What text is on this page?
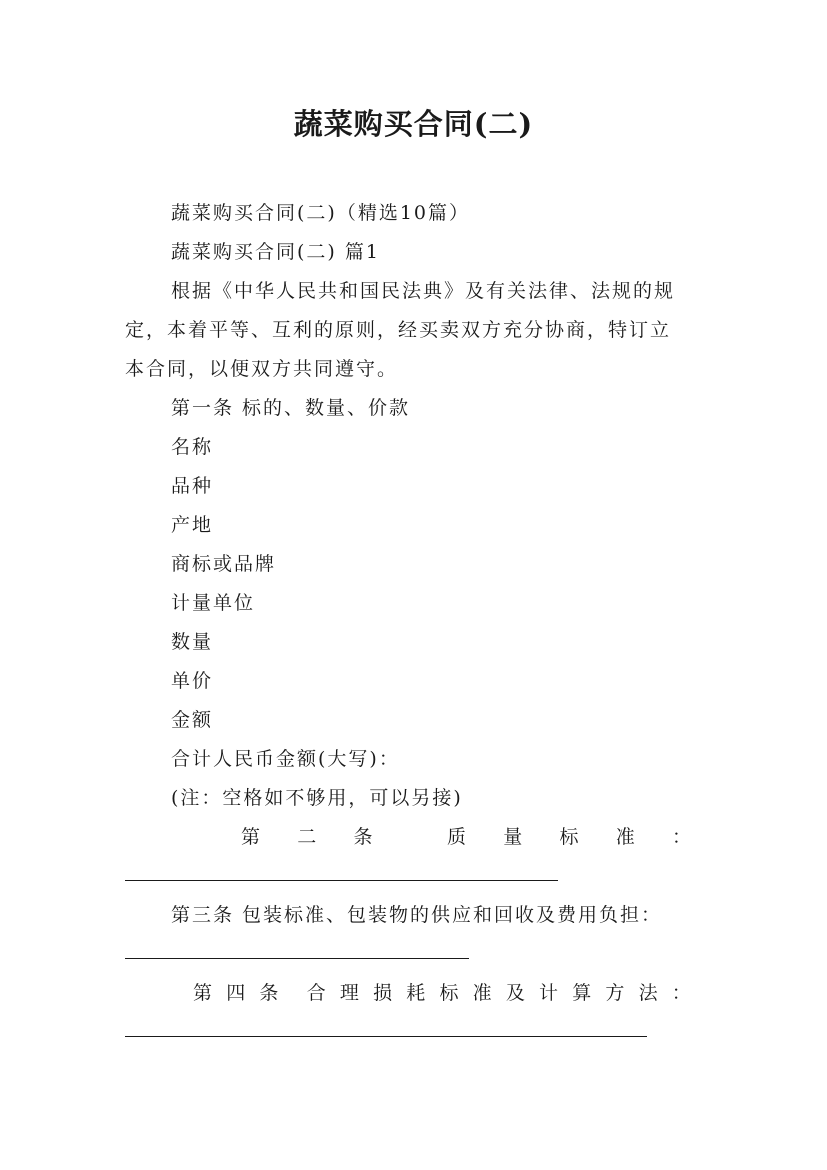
蔬菜购买合同(二)
蔬菜购买合同(二)（精选10篇）
蔬菜购买合同(二) 篇1
根据《中华人民共和国民法典》及有关法律、法规的规
定，本着平等、互利的原则，经买卖双方充分协商，特订立
本合同，以便双方共同遵守。
第一条 标的、数量、价款
名称
品种
产地
商标或品牌
计量单位
数量
单价
金额
合计人民币金额(大写)：
(注：空格如不够用，可以另接)
第 二 条	质 量 标 准 ：
第三条 包装标准、包装物的供应和回收及费用负担：
第 四 条 合 理 损 耗 标 准 及 计 算 方 法 ：
